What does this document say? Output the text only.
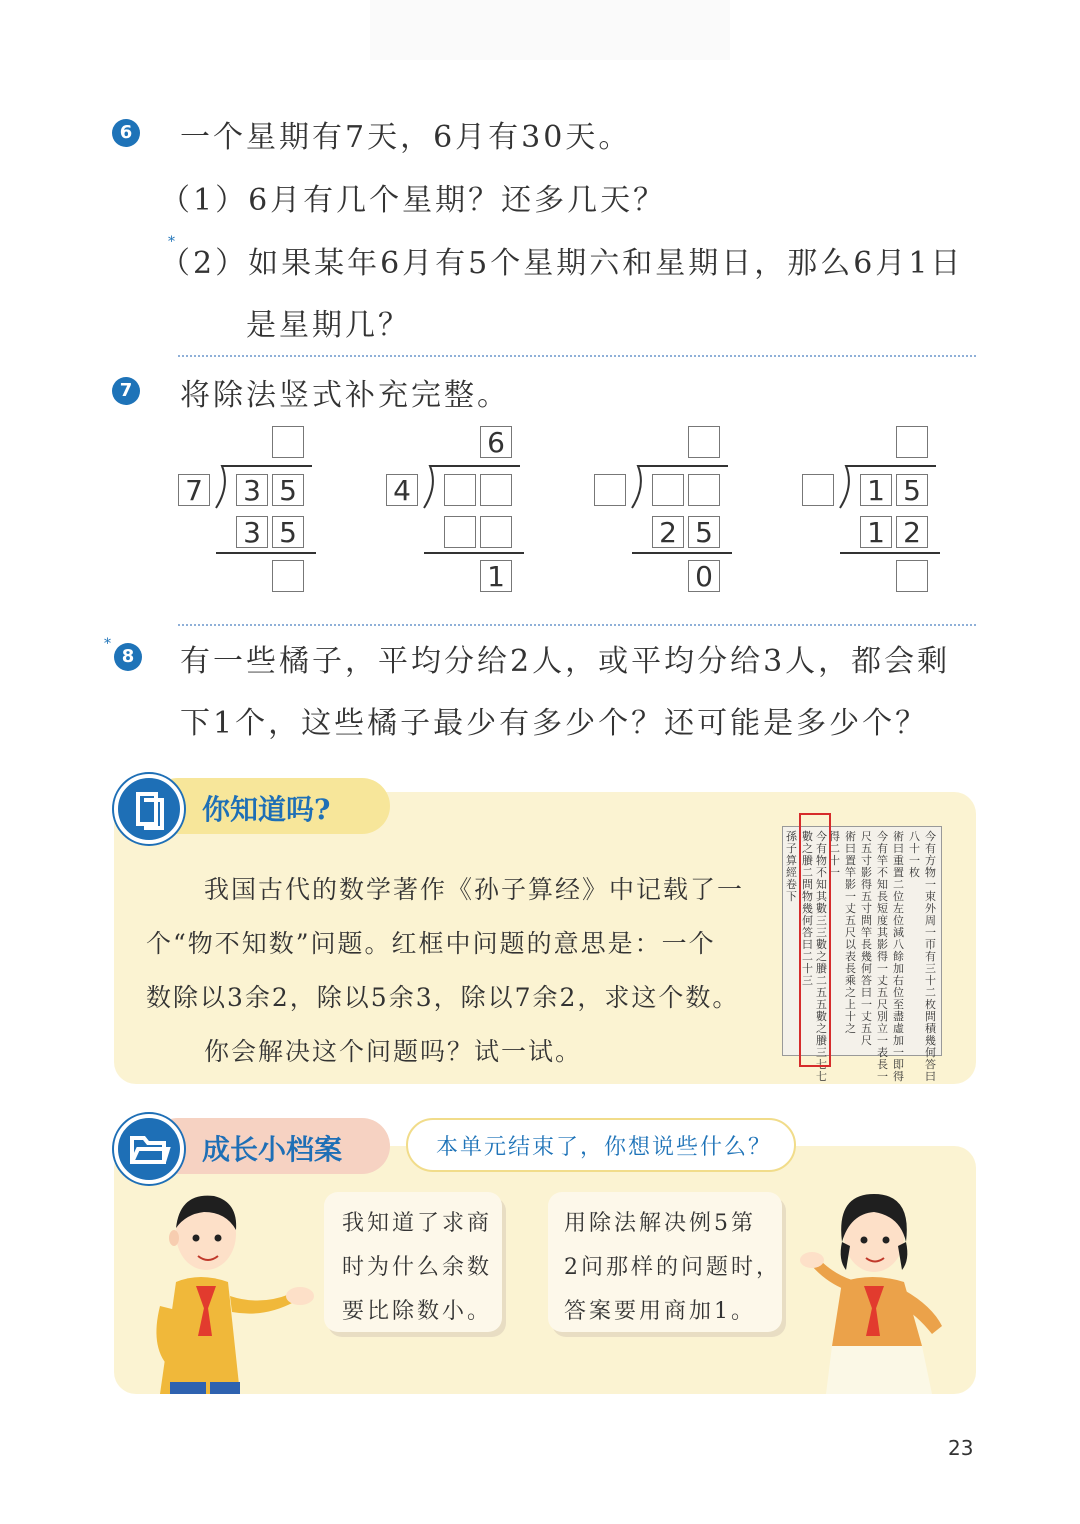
6 一个星期有7天，6月有30天。
（1）6月有几个星期？还多几天？
*
（2）如果某年6月有5个星期六和星期日，那么6月1日
是星期几？
7 将除法竖式补充完整。
7 3 5
3 5
6
4
1
2 5
0
1 5
1 2
*
8 有一些橘子，平均分给2人，或平均分给3人，都会剩
下1个，这些橘子最少有多少个？还可能是多少个？
你知道吗?
我国古代的数学著作《孙子算经》中记载了一
个“物不知数”问题。红框中问题的意思是：一个
数除以3余2，除以5余3，除以7余2，求这个数。
你会解决这个问题吗？试一试。
今有方物一束外周一帀有三十二枚問積幾何答曰
八十一枚
術曰重置二位左位減八餘加右位至盡虛加一即得
今有竿不知長短度其影得一丈五尺別立一表長一
尺五寸影得五寸問竿長幾何答曰一丈五尺
術曰置竿影一丈五尺以表長乘之上十之
得二十一
今有物不知其數三三數之賸二五五數之賸三七七
數之賸二問物幾何答曰二十三
孫子算經 卷下
成长小档案	本单元结束了，你想说些什么？
我知道了求商
时为什么余数
要比除数小。
用除法解决例5第
2问那样的问题时，
答案要用商加1。
23
